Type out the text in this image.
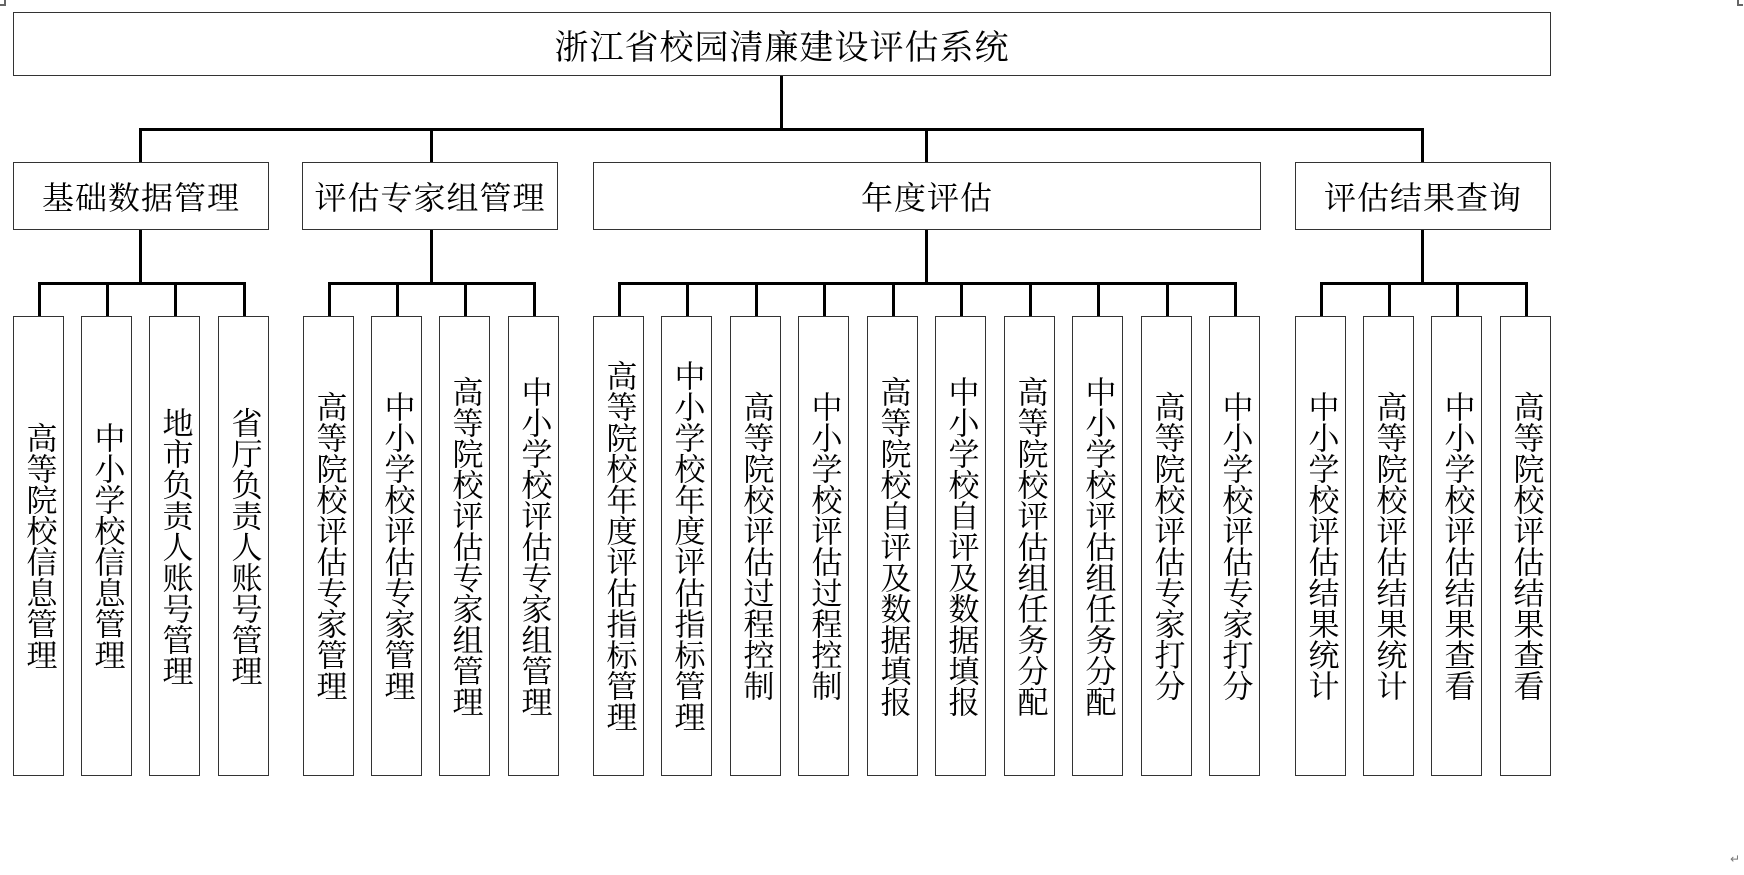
↵
浙江省校园清廉建设评估系统
基础数据管理 评估专家组管理	年度评估	评估结果查询
高等院校信息管理 中小学校信息管理 地市负责人账号管理 省厅负责人账号管理 高等院校评估专家管理 中小学校评估专家管理 高等院校评估专家组管理 中小学校评估专家组管理 高等院校年度评估指标管理 中小学校年度评估指标管理 高等院校评估过程控制 中小学校评估过程控制 高等院校自评及数据填报 中小学校自评及数据填报 高等院校评估组任务分配 中小学校评估组任务分配 高等院校评估专家打分 中小学校评估专家打分 中小学校评估结果统计 高等院校评估结果统计 中小学校评估结果查看 高等院校评估结果查看
